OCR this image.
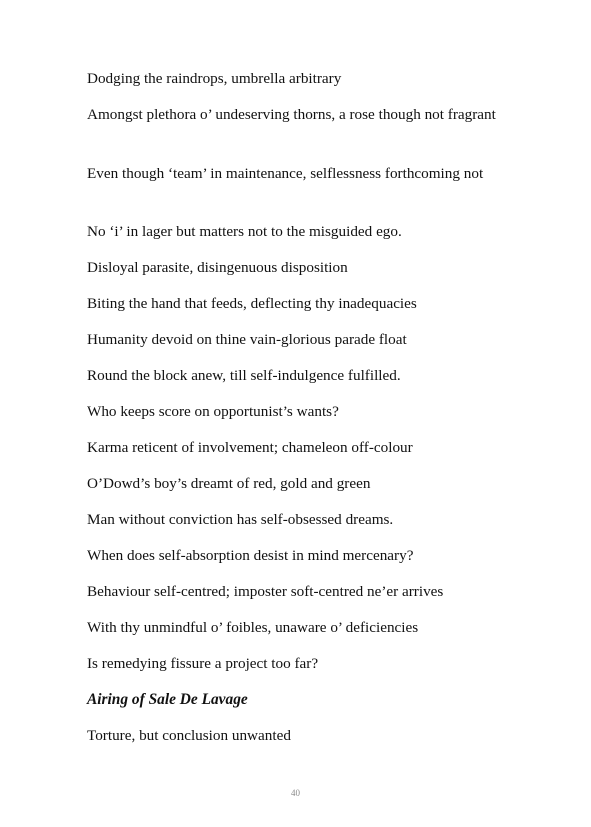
Dodging the raindrops, umbrella arbitrary

Amongst plethora o’ undeserving thorns, a rose though not fragrant

Even though ‘team’ in maintenance, selflessness forthcoming not

No ‘i’ in lager but matters not to the misguided ego.

Disloyal parasite, disingenuous disposition

Biting the hand that feeds, deflecting thy inadequacies

Humanity devoid on thine vain-glorious parade float

Round the block anew, till self-indulgence fulfilled.

Who keeps score on opportunist’s wants?

Karma reticent of involvement; chameleon off-colour

O’Dowd’s boy’s dreamt of red, gold and green

Man without conviction has self-obsessed dreams.

When does self-absorption desist in mind mercenary?

Behaviour self-centred; imposter soft-centred ne’er arrives

With thy unmindful o’ foibles, unaware o’ deficiencies

Is remedying fissure a project too far?

Airing of Sale De Lavage

Torture, but conclusion unwanted

40
